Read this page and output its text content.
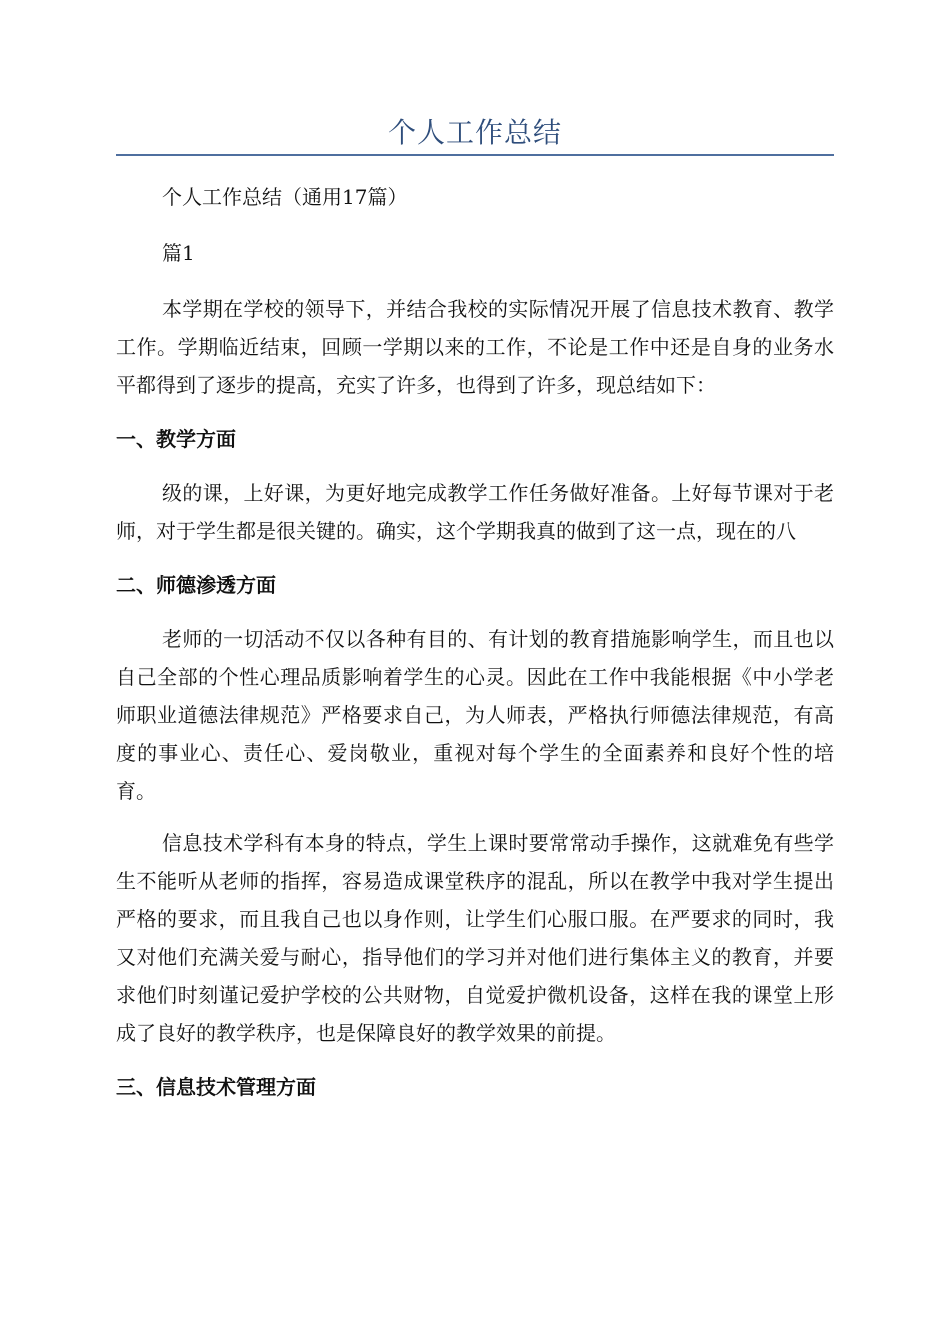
个人工作总结

个人工作总结（通用17篇）

篇1

本学期在学校的领导下，并结合我校的实际情况开展了信息技术教育、教学工作。学期临近结束，回顾一学期以来的工作，不论是工作中还是自身的业务水平都得到了逐步的提高，充实了许多，也得到了许多，现总结如下：

一、教学方面

级的课，上好课，为更好地完成教学工作任务做好准备。上好每节课对于老师，对于学生都是很关键的。确实，这个学期我真的做到了这一点，现在的八

二、师德渗透方面

老师的一切活动不仅以各种有目的、有计划的教育措施影响学生，而且也以自己全部的个性心理品质影响着学生的心灵。因此在工作中我能根据《中小学老师职业道德法律规范》严格要求自己，为人师表，严格执行师德法律规范，有高度的事业心、责任心、爱岗敬业，重视对每个学生的全面素养和良好个性的培育。

信息技术学科有本身的特点，学生上课时要常常动手操作，这就难免有些学生不能听从老师的指挥，容易造成课堂秩序的混乱，所以在教学中我对学生提出严格的要求，而且我自己也以身作则，让学生们心服口服。在严要求的同时，我又对他们充满关爱与耐心，指导他们的学习并对他们进行集体主义的教育，并要求他们时刻谨记爱护学校的公共财物，自觉爱护微机设备，这样在我的课堂上形成了良好的教学秩序，也是保障良好的教学效果的前提。

三、信息技术管理方面
